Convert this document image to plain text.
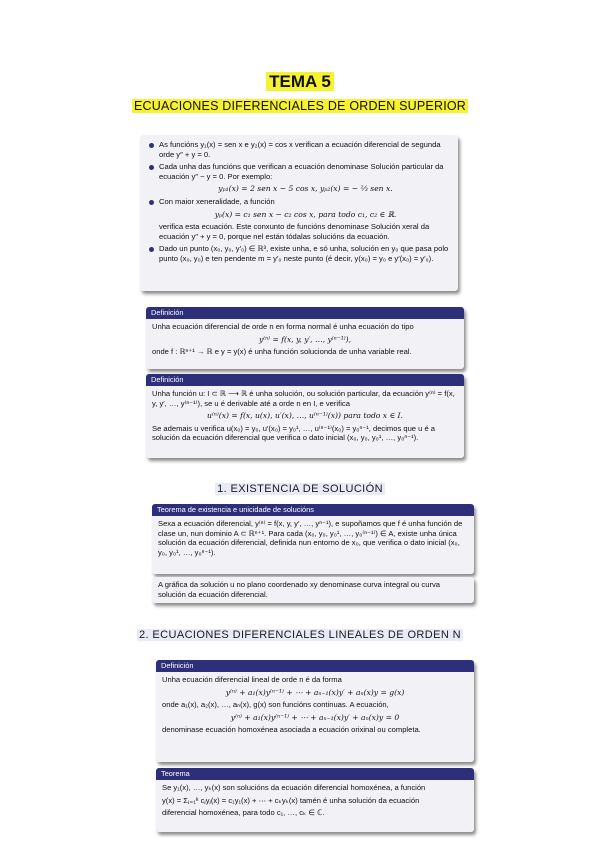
TEMA 5
ECUACIONES DIFERENCIALES DE ORDEN SUPERIOR
As funcións y₁(x) = sen x e y₂(x) = cos x verifican a ecuación diferencial de segunda orde y″ + y = 0.
Cada unha das funcións que verifican a ecuación denominase Solución particular da ecuación y″ − y = 0. Por exemplo:
yₚ₁(x) = 2 sen x − 5 cos x, yₚ₂(x) = − ⅔ sen x.
Con maior xeneralidade, a función
yₚ(x) = c₁ sen x − c₂ cos x, para todo c₁, c₂ ∈ ℝ.
verifica esta ecuación. Este conxunto de funcións denominase Solución xeral da ecuación y″ + y = 0, porque nel están tódalas solucións da ecuación.
Dado un punto (x₀, y₀, y′₀) ∈ ℝ³, existe unha, e só unha, solución en y₀ que pasa polo punto (x₀, y₀) e ten pendente m = y′₀ neste punto (é decir, y(x₀) = y₀ e y′(x₀) = y′₀).
Definición
Unha ecuación diferencial de orde n en forma normal é unha ecuación do tipo
y⁽ⁿ⁾ = f(x, y, y′, …, y⁽ⁿ⁻¹⁾),
onde f : ℝⁿ⁺¹ → ℝ e y = y(x) é unha función solucionda de unha variable real.
Definición
Unha función u: I ⊂ ℝ ⟶ ℝ é unha solución, ou solución particular, da ecuación y⁽ⁿ⁾ = f(x, y, y′, …, y⁽ⁿ⁻¹⁾), se u é derivable até a orde n en I, e verifica
u⁽ⁿ⁾(x) = f(x, u(x), u′(x), …, u⁽ⁿ⁻¹⁾(x)) para todo x ∈ I.
Se ademais u verifica u(x₀) = y₀, u′(x₀) = y₀¹, …, u⁽ⁿ⁻¹⁾(x₀) = y₀ⁿ⁻¹, decimos que u é a solución da ecuación diferencial que verifica o dato inicial (x₀, y₀, y₀¹, …, y₀ⁿ⁻¹).
1. EXISTENCIA DE SOLUCIÓN
Teorema de existencia e unicidade de solucións
Sexa a ecuación diferencial, y⁽ⁿ⁾ = f(x, y, y′, …, yⁿ⁻¹), e supoñamos que f é unha función de clase un, nun dominio A ⊂ ℝⁿ⁺¹. Para cada (x₀, y₀, y₀¹, …, y₀⁽ⁿ⁻¹⁾) ∈ A, existe unha única solución da ecuación diferencial, definida nun entorno de x₀, que verifica o dato inicial (x₀, y₀, y₀¹, …, y₀ⁿ⁻¹).
A gráfica da solución u no plano coordenado xy denominase curva integral ou curva solución da ecuación diferencial.
2. ECUACIONES DIFERENCIALES LINEALES DE ORDEN N
Definición
Unha ecuación diferencial lineal de orde n é da forma
y⁽ⁿ⁾ + a₁(x)y⁽ⁿ⁻¹⁾ + ⋯ + aₙ₋₁(x)y′ + aₙ(x)y = g(x)
onde a₁(x), a₂(x), …, aₙ(x), g(x) son funcións continuas. A ecuación,
y⁽ⁿ⁾ + a₁(x)y⁽ⁿ⁻¹⁾ + ⋯ + aₙ₋₁(x)y′ + aₙ(x)y = 0
denominase ecuación homoxénea asociada a ecuación orixinal ou completa.
Teorema
Se y₁(x), …, yₖ(x) son solucións da ecuación diferencial homoxénea, a función
y(x) = Σⱼ₌₁ᵏ cⱼyⱼ(x) = c₁y₁(x) + ⋯ + cₖyₖ(x) tamén é unha solución da ecuación
diferencial homoxénea, para todo c₁, …, cₖ ∈ ℂ.
